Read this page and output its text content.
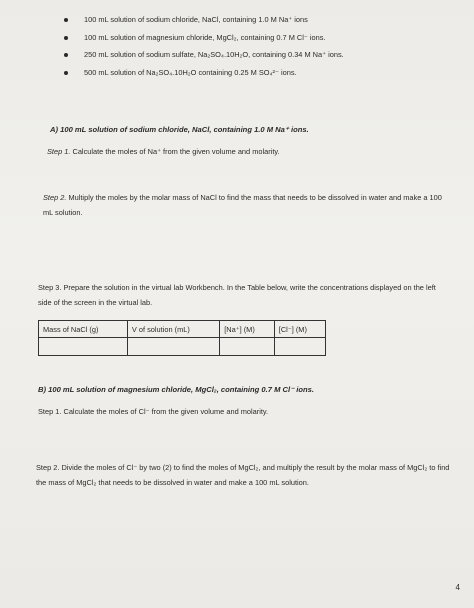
100 mL solution of sodium chloride, NaCl, containing 1.0 M Na⁺ ions
100 mL solution of magnesium chloride, MgCl₂, containing 0.7 M Cl⁻ ions.
250 mL solution of sodium sulfate, Na₂SO₄.10H₂O, containing 0.34 M Na⁺ ions.
500 mL solution of Na₂SO₄.10H₂O containing 0.25 M SO₄²⁻ ions.
A) 100 mL solution of sodium chloride, NaCl, containing 1.0 M Na⁺ ions.
Step 1. Calculate the moles of Na⁺ from the given volume and molarity.
Step 2. Multiply the moles by the molar mass of NaCl to find the mass that needs to be dissolved in water and make a 100 mL solution.
Step 3. Prepare the solution in the virtual lab Workbench. In the Table below, write the concentrations displayed on the left side of the screen in the virtual lab.
Mass of NaCl (g)	V of solution (mL)	[Na⁺] (M)	[Cl⁻] (M)

B) 100 mL solution of magnesium chloride, MgCl₂, containing 0.7 M Cl⁻ ions.
Step 1. Calculate the moles of Cl⁻ from the given volume and molarity.
Step 2. Divide the moles of Cl⁻ by two (2) to find the moles of MgCl₂, and multiply the result by the molar mass of MgCl₂ to find the mass of MgCl₂ that needs to be dissolved in water and make a 100 mL solution.
4
